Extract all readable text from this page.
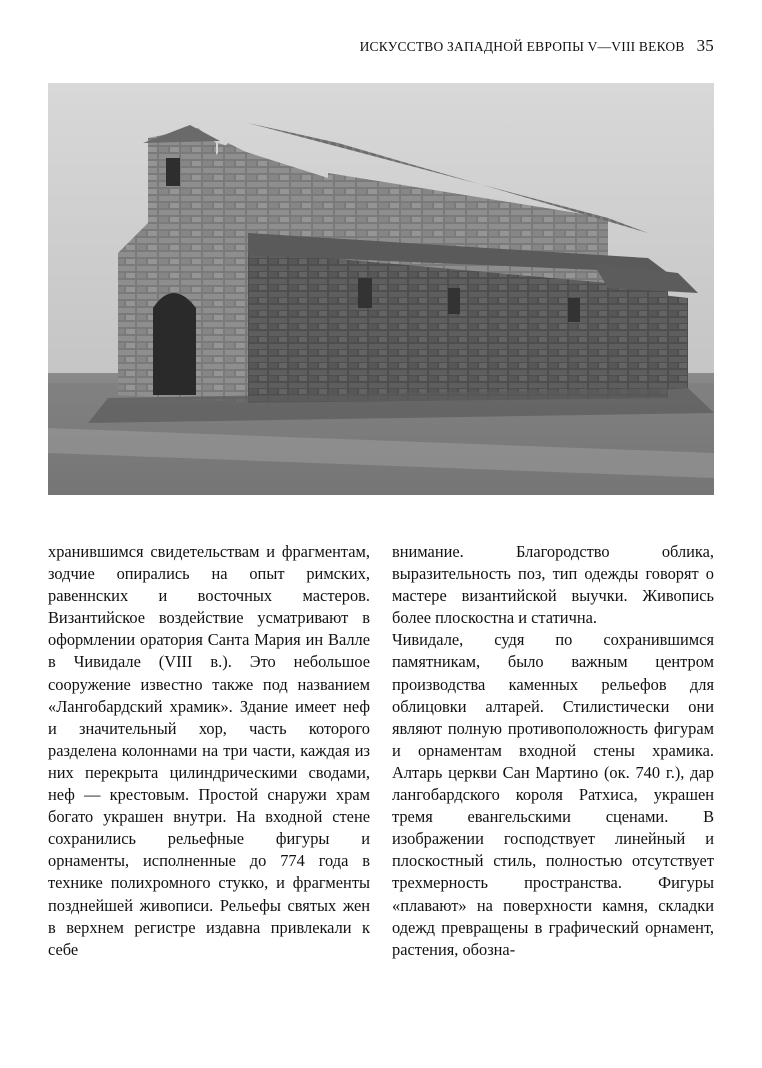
ИСКУССТВО ЗАПАДНОЙ ЕВРОПЫ V—VIII ВЕКОВ 35

хранившимся свидетельствам и фрагментам, зодчие опирались на опыт римских, равеннских и восточных мастеров. Византийское воздействие усматривают в оформлении оратория Санта Мария ин Валле в Чивидале (VIII в.). Это небольшое сооружение известно также под названием «Лангобардский храмик». Здание имеет неф и значительный хор, часть которого разделена колоннами на три части, каждая из них перекрыта цилиндрическими сводами, неф — крестовым. Простой снаружи храм богато украшен внутри. На входной стене сохранились рельефные фигуры и орнаменты, исполненные до 774 года в технике полихромного стукко, и фрагменты позднейшей живописи. Рельефы святых жен в верхнем регистре издавна привлекали к себе

внимание. Благородство облика, выразительность поз, тип одежды говорят о мастере византийской выучки. Живопись более плоскостна и статична.

Чивидале, судя по сохранившимся памятникам, было важным центром производства каменных рельефов для облицовки алтарей. Стилистически они являют полную противоположность фигурам и орнаментам входной стены храмика. Алтарь церкви Сан Мартино (ок. 740 г.), дар лангобардского короля Ратхиса, украшен тремя евангельскими сценами. В изображении господствует линейный и плоскостный стиль, полностью отсутствует трехмерность пространства. Фигуры «плавают» на поверхности камня, складки одежд превращены в графический орнамент, растения, обозна-
